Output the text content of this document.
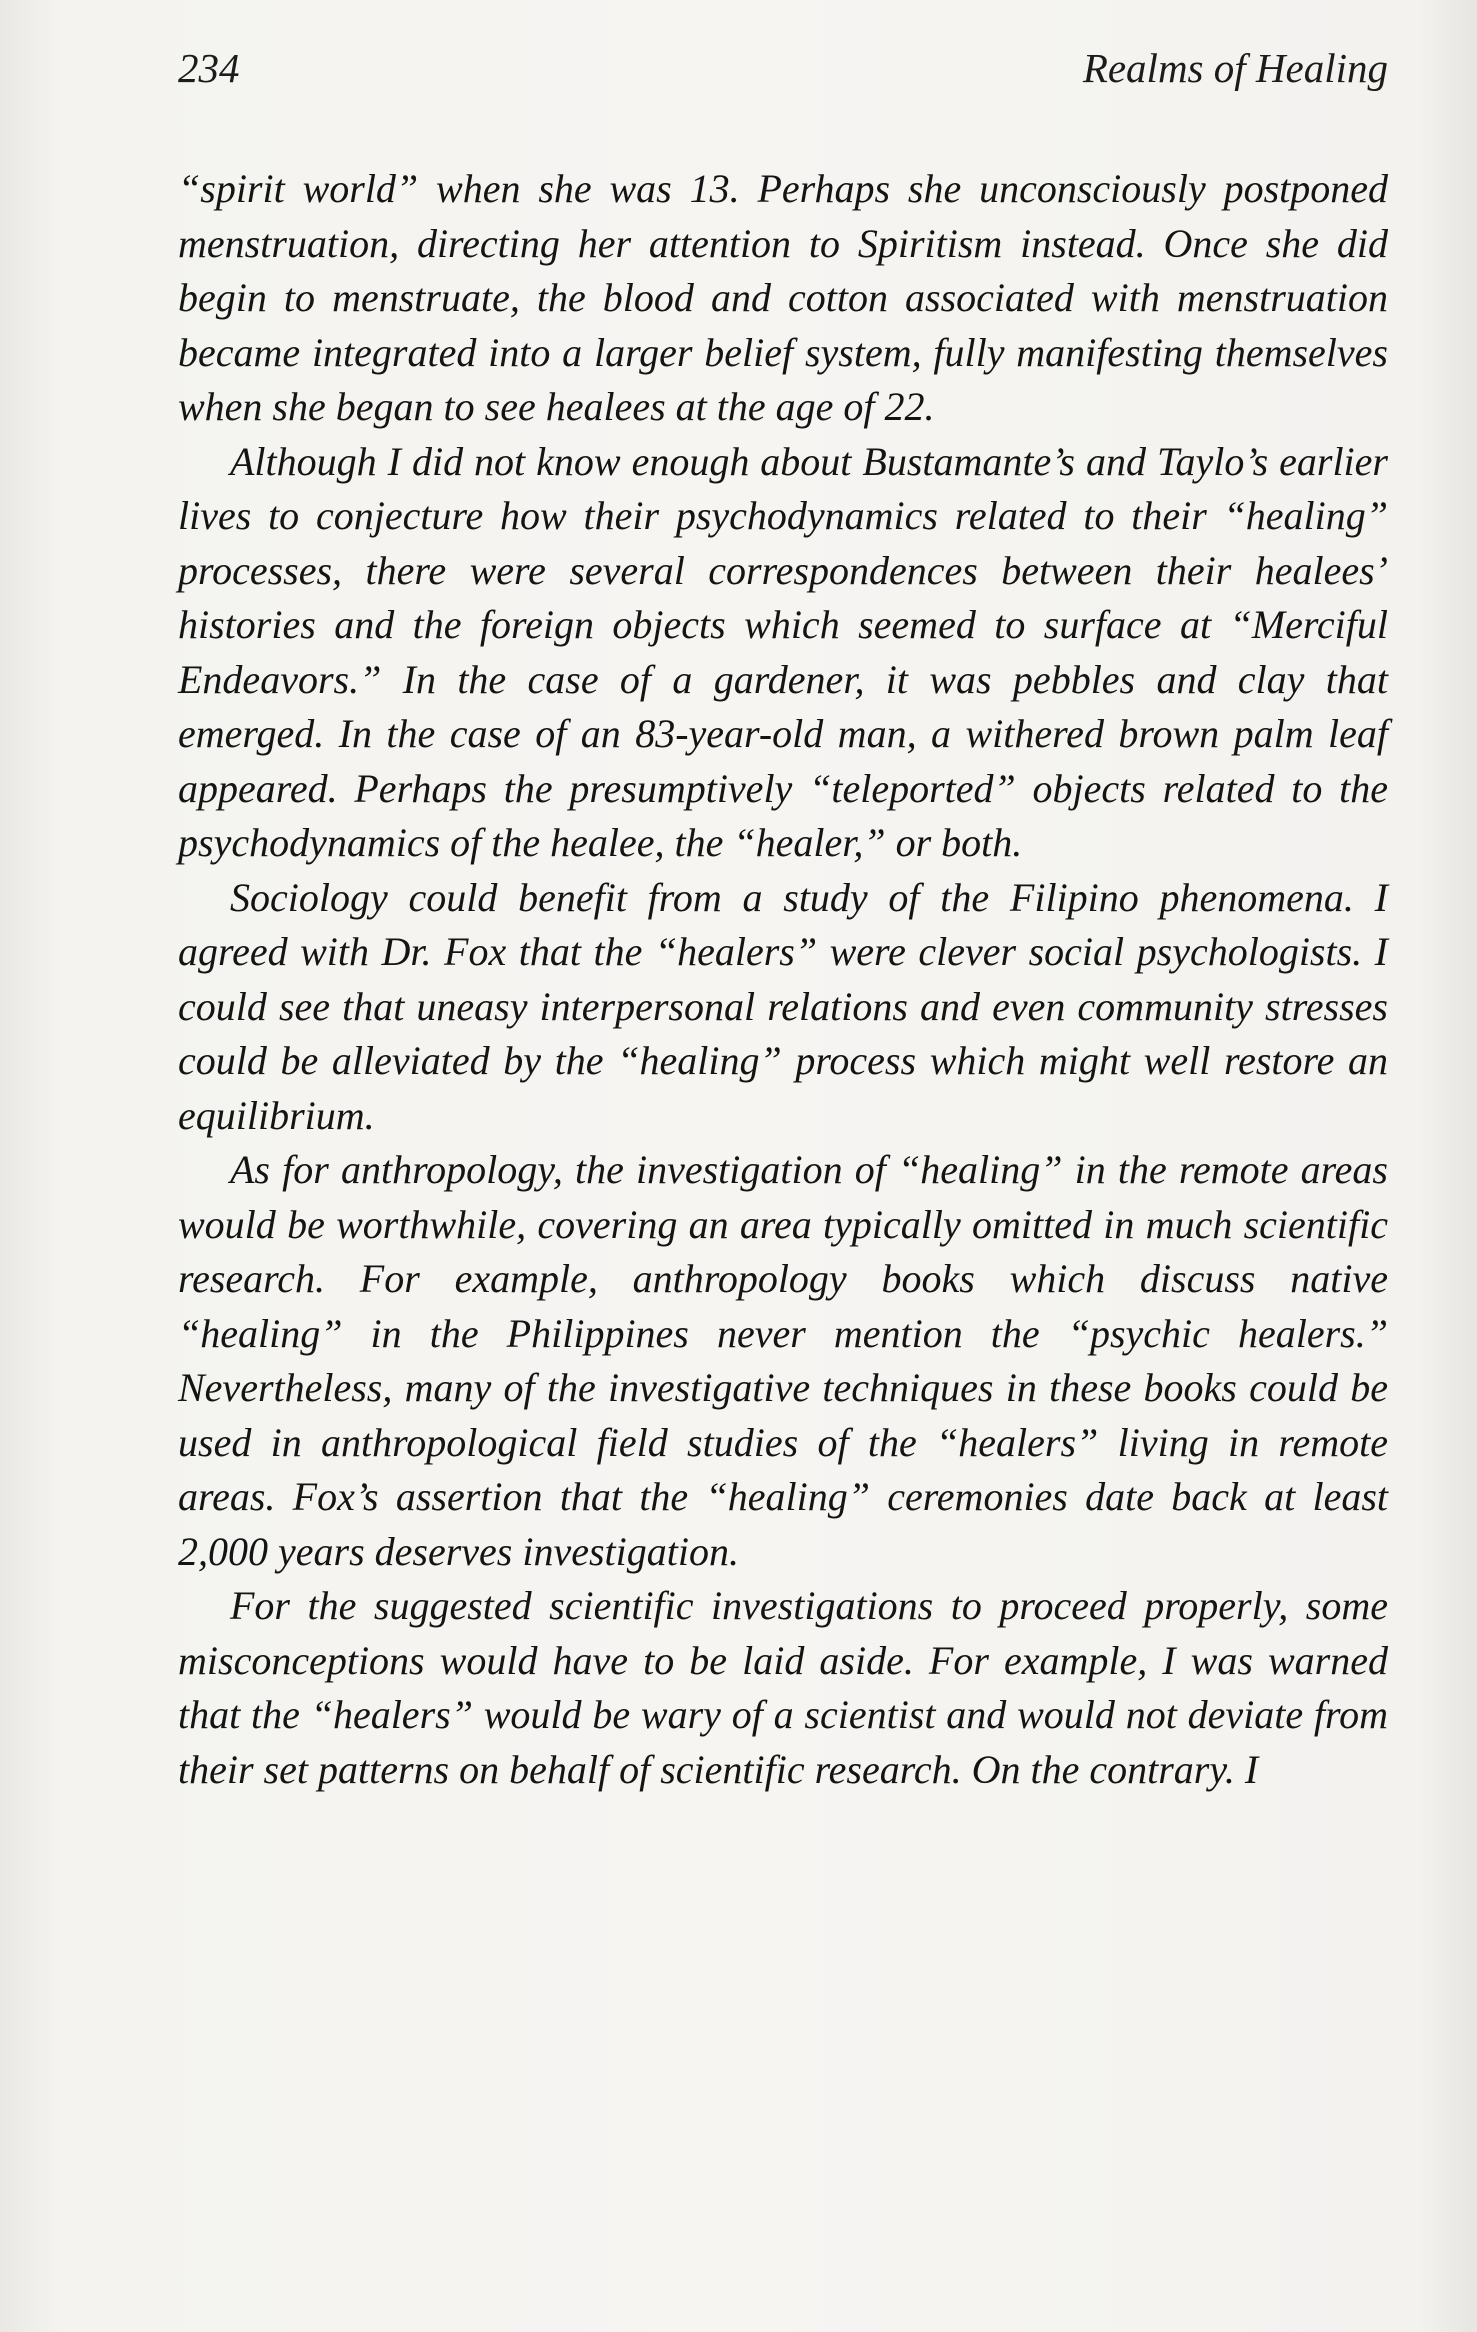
234	Realms of Healing

“spirit world” when she was 13. Perhaps she unconsciously postponed menstruation, directing her attention to Spiritism instead. Once she did begin to menstruate, the blood and cotton associated with menstruation became integrated into a larger belief system, fully manifesting themselves when she began to see healees at the age of 22.

Although I did not know enough about Bustamante’s and Taylo’s earlier lives to conjecture how their psychodynamics related to their “healing” processes, there were several correspondences between their healees’ histories and the foreign objects which seemed to surface at “Merciful Endeavors.” In the case of a gardener, it was pebbles and clay that emerged. In the case of an 83-year-old man, a withered brown palm leaf appeared. Perhaps the presumptively “teleported” objects related to the psychodynamics of the healee, the “healer,” or both.

Sociology could benefit from a study of the Filipino phenomena. I agreed with Dr. Fox that the “healers” were clever social psychologists. I could see that uneasy interpersonal relations and even community stresses could be alleviated by the “healing” process which might well restore an equilibrium.

As for anthropology, the investigation of “healing” in the remote areas would be worthwhile, covering an area typically omitted in much scientific research. For example, anthropology books which discuss native “healing” in the Philippines never mention the “psychic healers.” Nevertheless, many of the investigative techniques in these books could be used in anthropological field studies of the “healers” living in remote areas. Fox’s assertion that the “healing” ceremonies date back at least 2,000 years deserves investigation.

For the suggested scientific investigations to proceed properly, some misconceptions would have to be laid aside. For example, I was warned that the “healers” would be wary of a scientist and would not deviate from their set patterns on behalf of scientific research. On the contrary. I
